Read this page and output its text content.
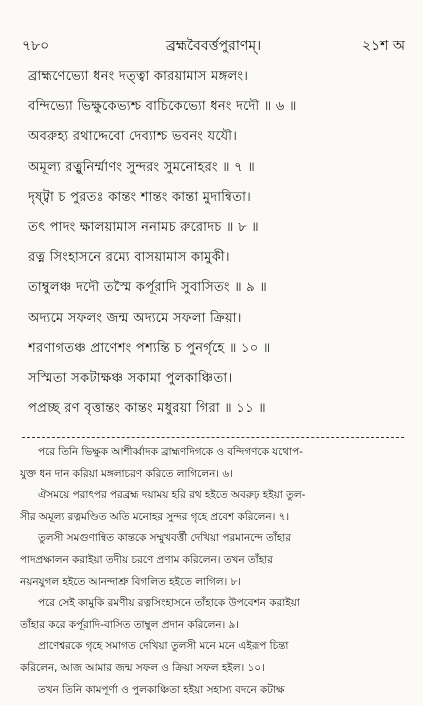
৭৮০	ব্রহ্মবৈবর্ত্তপুরাণম্।	২১শ অ
ব্রাহ্মণেভ্যো ধনং দত্ত্বা কারয়ামাস মঙ্গলং।
বন্দিভ্যো ভিক্ষুকেভ্যশ্চ বাচিকেভ্যো ধনং দদৌ ॥ ৬ ॥
অবরুহ্য রথাদ্দেবো দেব্যাশ্চ ভবনং যযৌ।
অমূল্য রত্নুনির্ম্মাণং সুন্দরং সুমনোহরং ॥ ৭ ॥
দৃষ্ট্বা চ পুরতঃ কান্তং শান্তং কান্তা মুদান্বিতা।
তৎ পাদং ক্ষালয়ামাস ননামচ রুরোদচ ॥ ৮ ॥
রত্ন সিংহাসনে রম্যে বাসয়ামাস কামুকী।
তাম্বুলঞ্চ দদৌ তস্মৈ কর্পূরাদি সুবাসিতং ॥ ৯ ॥
অদ্যমে সফলং জন্ম অদ্যমে সফলা ক্রিয়া।
শরণাগতঞ্চ প্রাণেশং পশ্যন্তি চ পুনর্গৃহে ॥ ১০ ॥
সস্মিতা সকটাক্ষঞ্চ সকামা পুলকাঞ্চিতা।
পপ্রচ্ছ রণ বৃত্তান্তং কান্তং মধুরয়া গিরা ॥ ১১ ॥
পরে তিনি ভিক্ষুক আশীর্ব্বাদক ব্রাহ্মণদিগকে ও বন্দিগণকে যথোপ-
যুক্ত ধন দান করিয়া মঙ্গলাচরণ করিতে লাগিলেন। ৬।
ঐসময়ে পরাৎপর পরব্রহ্ম দয়াময় হরি রথ হইতে অবরুঢ় হইয়া তুল-
সীর অমূল্য রত্নমণ্ডিত অতি মনোহর সুন্দর গৃহে প্রবেশ করিলেন। ৭।
তুলসী সমগুণান্বিত কান্তকে সম্মুখবর্ত্তী দেখিয়া পরমানন্দে তাঁহার
পাদপ্রক্ষালন করাইয়া তদীয় চরণে প্রণাম করিলেন। তখন তাঁহার
নয়নযুগল হইতে আনন্দাশ্রু বিগলিত হইতে লাগিল। ৮।
পরে সেই কামুকি রমণীয় রত্নসিংহাসনে তাঁহাকে উপবেশন করাইয়া
তাঁহার করে কর্পূরাদি-বাসিত তাম্বুল প্রদান করিলেন। ৯।
প্রাণেশ্বরকে গৃহে সমাগত দেখিয়া তুলসী মনে মনে এইরূপ চিন্তা
করিলেন, আজ আমার জন্ম সফল ও ক্রিয়া সফল হইল। ১০।
তখন তিনি কামপূর্ণা ও পুলকাঞ্চিতা হইয়া সহাস্য বদনে কটাক্ষ
